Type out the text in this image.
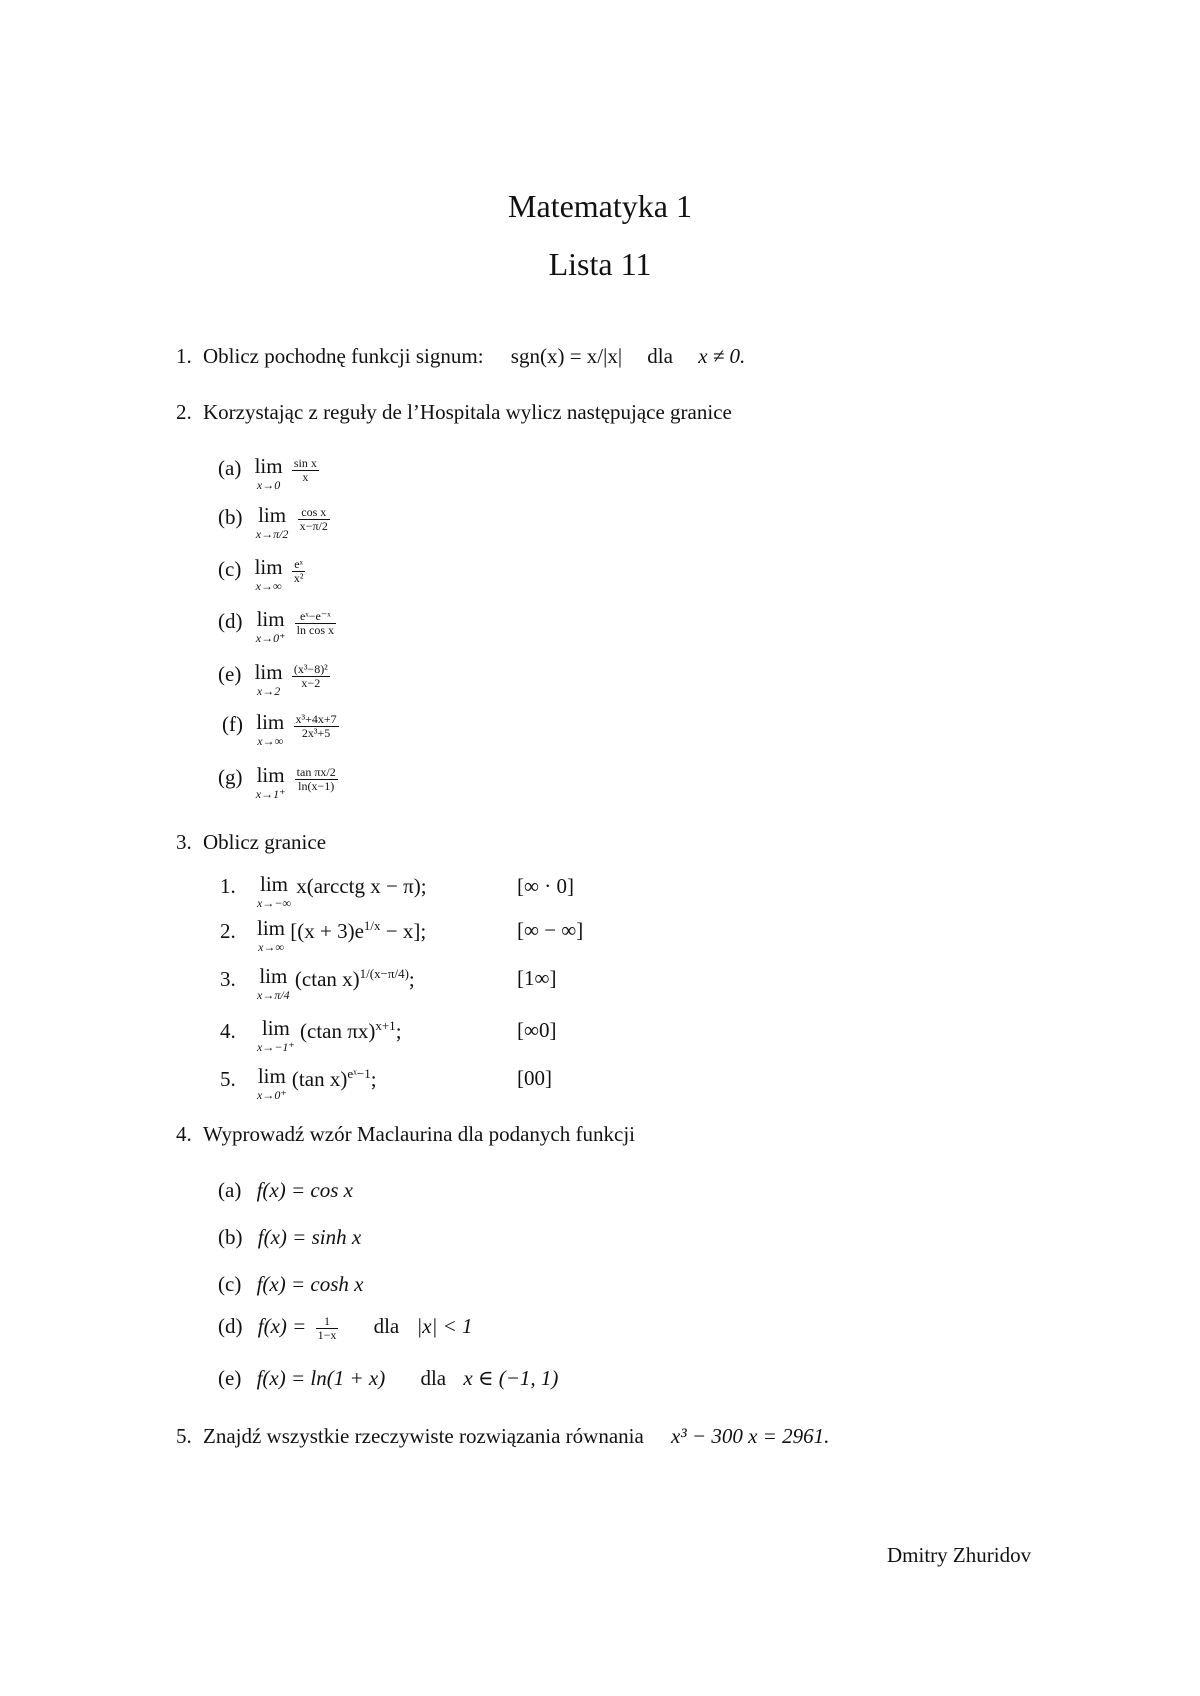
Matematyka 1
Lista 11
1. Oblicz pochodnę funkcji signum: sgn(x) = x/|x| dla x ≠ 0.
2. Korzystając z reguły de l’Hospitala wylicz następujące granice
(a) lim
x→0

$\frac{\text{sin x}}{x}$
(b) lim
x→π/2

$\frac{\text{cos x}}{x-\pi/2}$
(c) lim
x→∞

$\frac{\text{eˣ}}{\text{x²}}$
(d) lim
x→0⁺

$\frac{\text{eˣ−e⁻ˣ}}{\text{ln cos x}}$
(e) lim
x→2

$\frac{\text{(x³−8)²}}{x-2}$
(f) lim
x→∞

$\frac{\text{x³+4x+7}}{\text{2x³+5}}$
(g) lim
x→1⁺

$\frac{\text{tan πx/2}}{\ln(x-1)}$
3. Oblicz granice
1. lim
x→−∞
x(arcctg x − π);	[∞ · 0]
2. lim
x→∞
$[(x + 3)e^{1/x} - x]$;	[∞ − ∞]
3. lim
x→π/4
(ctan x)$^{1/(x-\pi/4)}$;	[1∞]
4. lim
x→−1⁺
(ctan πx)$^{x+1}$;	[∞0]
5. lim
x→0⁺
(tan x)$^{eˣ-1}$;	[00]
4. Wyprowadź wzór Maclaurina dla podanych funkcji
(a) f(x) = cos x
(b) f(x) = sinh x
(c) f(x) = cosh x
(d) $f(x) = \frac{1}{1-x}$ dla |x| < 1
(e) f(x) = ln(1 + x) dla x ∈ (−1, 1)
5. Znajdź wszystkie rzeczywiste rozwiązania równania x³ − 300 x = 2961.
Dmitry Zhuridov
